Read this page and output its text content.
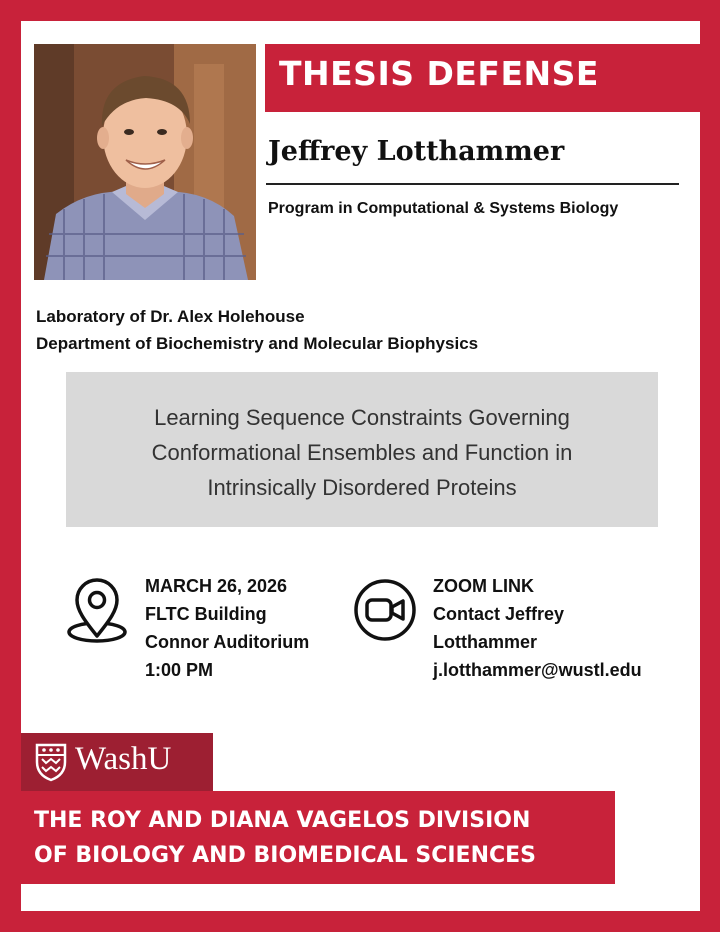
THESIS DEFENSE
Jeffrey Lotthammer
Program in Computational & Systems Biology
Laboratory of Dr. Alex Holehouse
Department of Biochemistry and Molecular Biophysics
Learning Sequence Constraints Governing
Conformational Ensembles and Function in
Intrinsically Disordered Proteins
MARCH 26, 2026
FLTC Building
Connor Auditorium
1:00 PM
ZOOM LINK
Contact Jeffrey
Lotthammer
j.lotthammer@wustl.edu
WashU
THE ROY AND DIANA VAGELOS DIVISION
OF BIOLOGY AND BIOMEDICAL SCIENCES
